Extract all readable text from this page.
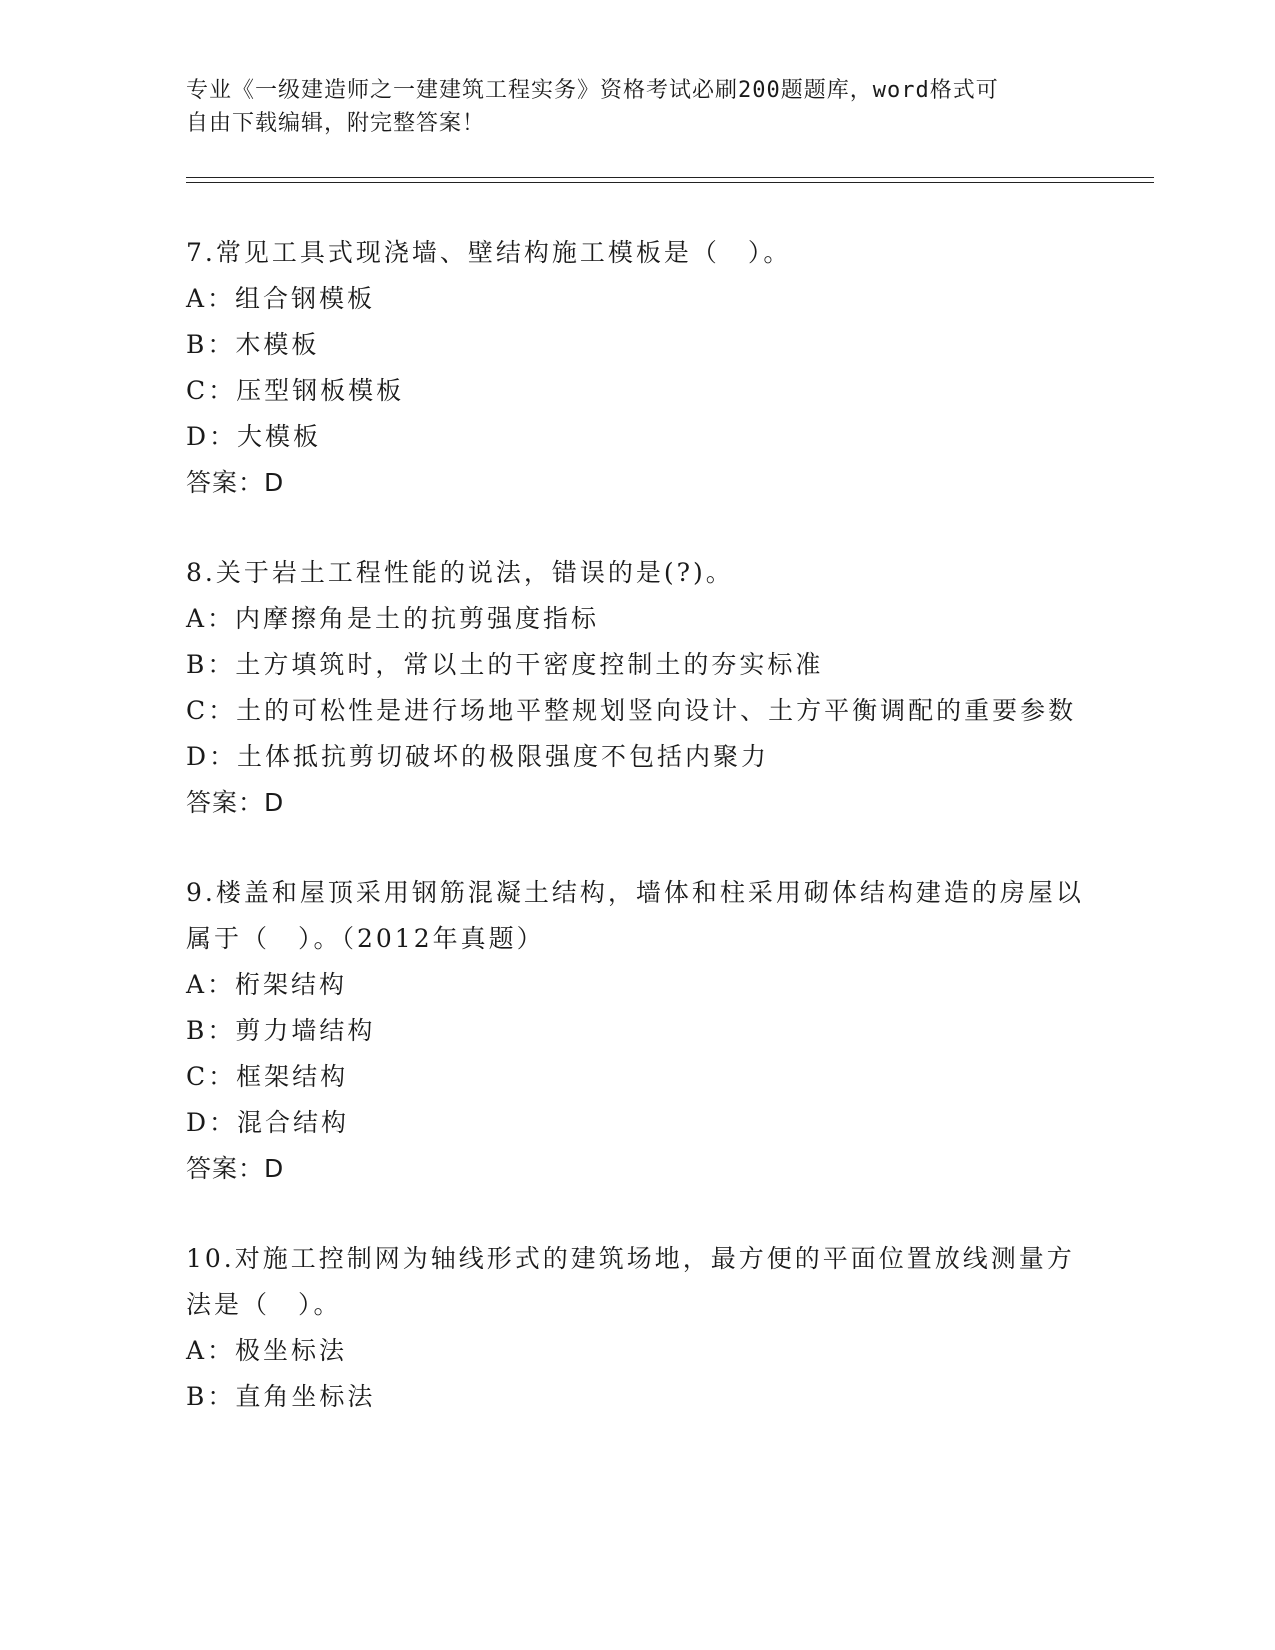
专业《一级建造师之一建建筑工程实务》资格考试必刷200题题库，word格式可
自由下载编辑，附完整答案！
7.常见工具式现浇墙、壁结构施工模板是（　）。
A：组合钢模板
B：木模板
C：压型钢板模板
D：大模板
答案：D
8.关于岩土工程性能的说法，错误的是(?)。
A：内摩擦角是土的抗剪强度指标
B：土方填筑时，常以土的干密度控制土的夯实标准
C：土的可松性是进行场地平整规划竖向设计、土方平衡调配的重要参数
D：土体抵抗剪切破坏的极限强度不包括内聚力
答案：D
9.楼盖和屋顶采用钢筋混凝土结构，墙体和柱采用砌体结构建造的房屋以属于（　）。（2012年真题）
A：桁架结构
B：剪力墙结构
C：框架结构
D：混合结构
答案：D
10.对施工控制网为轴线形式的建筑场地，最方便的平面位置放线测量方法是（　）。
A：极坐标法
B：直角坐标法
